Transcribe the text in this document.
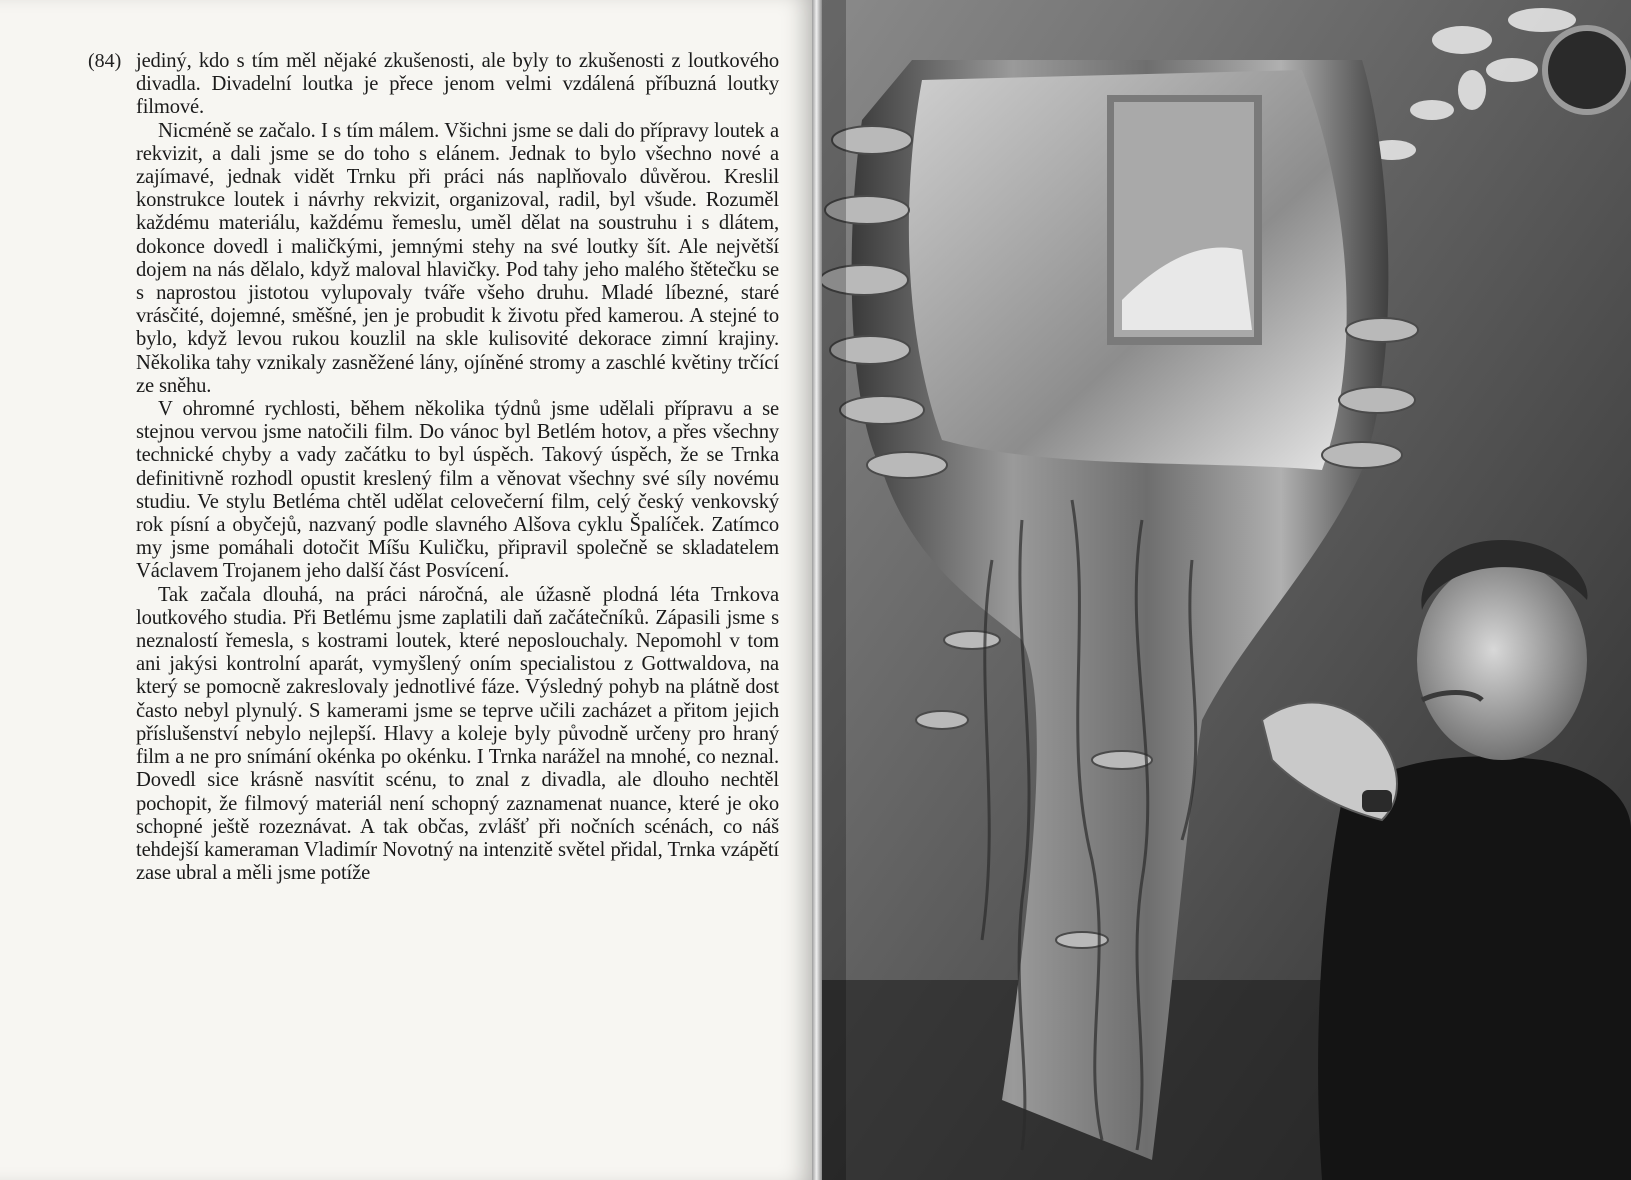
(84) jediný, kdo s tím měl nějaké zkušenosti, ale byly to zkušenosti z loutkového divadla. Divadelní loutka je přece jenom velmi vzdálená příbuzná loutky filmové.

Nicméně se začalo. I s tím málem. Všichni jsme se dali do přípravy loutek a rekvizit, a dali jsme se do toho s elánem. Jednak to bylo všechno nové a zajímavé, jednak vidět Trnku při práci nás naplňovalo důvěrou. Kreslil konstrukce loutek i návrhy rekvizit, organizoval, radil, byl všude. Rozuměl každému materiálu, každému řemeslu, uměl dělat na soustruhu i s dlátem, dokonce dovedl i maličkými, jemnými stehy na své loutky šít. Ale největší dojem na nás dělalo, když maloval hlavičky. Pod tahy jeho malého štětečku se s naprostou jistotou vylupovaly tváře všeho druhu. Mladé líbezné, staré vrásčité, dojemné, směšné, jen je probudit k životu před kamerou. A stejné to bylo, když levou rukou kouzlil na skle kulisovité dekorace zimní krajiny. Několika tahy vznikaly zasněžené lány, ojíněné stromy a zaschlé květiny trčící ze sněhu.

V ohromné rychlosti, během několika týdnů jsme udělali přípravu a se stejnou vervou jsme natočili film. Do vánoc byl Betlém hotov, a přes všechny technické chyby a vady začátku to byl úspěch. Takový úspěch, že se Trnka definitivně rozhodl opustit kreslený film a věnovat všechny své síly novému studiu. Ve stylu Betléma chtěl udělat celovečerní film, celý český venkovský rok písní a obyčejů, nazvaný podle slavného Alšova cyklu Špalíček. Zatímco my jsme pomáhali dotočit Míšu Kuličku, připravil společně se skladatelem Václavem Trojanem jeho další část Posvícení.

Tak začala dlouhá, na práci náročná, ale úžasně plodná léta Trnkova loutkového studia. Při Betlému jsme zaplatili daň začátečníků. Zápasili jsme s neznalostí řemesla, s kostrami loutek, které neposlouchaly. Nepomohl v tom ani jakýsi kontrolní aparát, vymyšlený oním specialistou z Gottwaldova, na který se pomocně zakreslovaly jednotlivé fáze. Výsledný pohyb na plátně dost často nebyl plynulý. S kamerami jsme se teprve učili zacházet a přitom jejich příslušenství nebylo nejlepší. Hlavy a koleje byly původně určeny pro hraný film a ne pro snímání okénka po okénku. I Trnka narážel na mnohé, co neznal. Dovedl sice krásně nasvítit scénu, to znal z divadla, ale dlouho nechtěl pochopit, že filmový materiál není schopný zaznamenat nuance, které je oko schopné ještě rozeznávat. A tak občas, zvlášť při nočních scénách, co náš tehdejší kameraman Vladimír Novotný na intenzitě světel přidal, Trnka vzápětí zase ubral a měli jsme potíže
